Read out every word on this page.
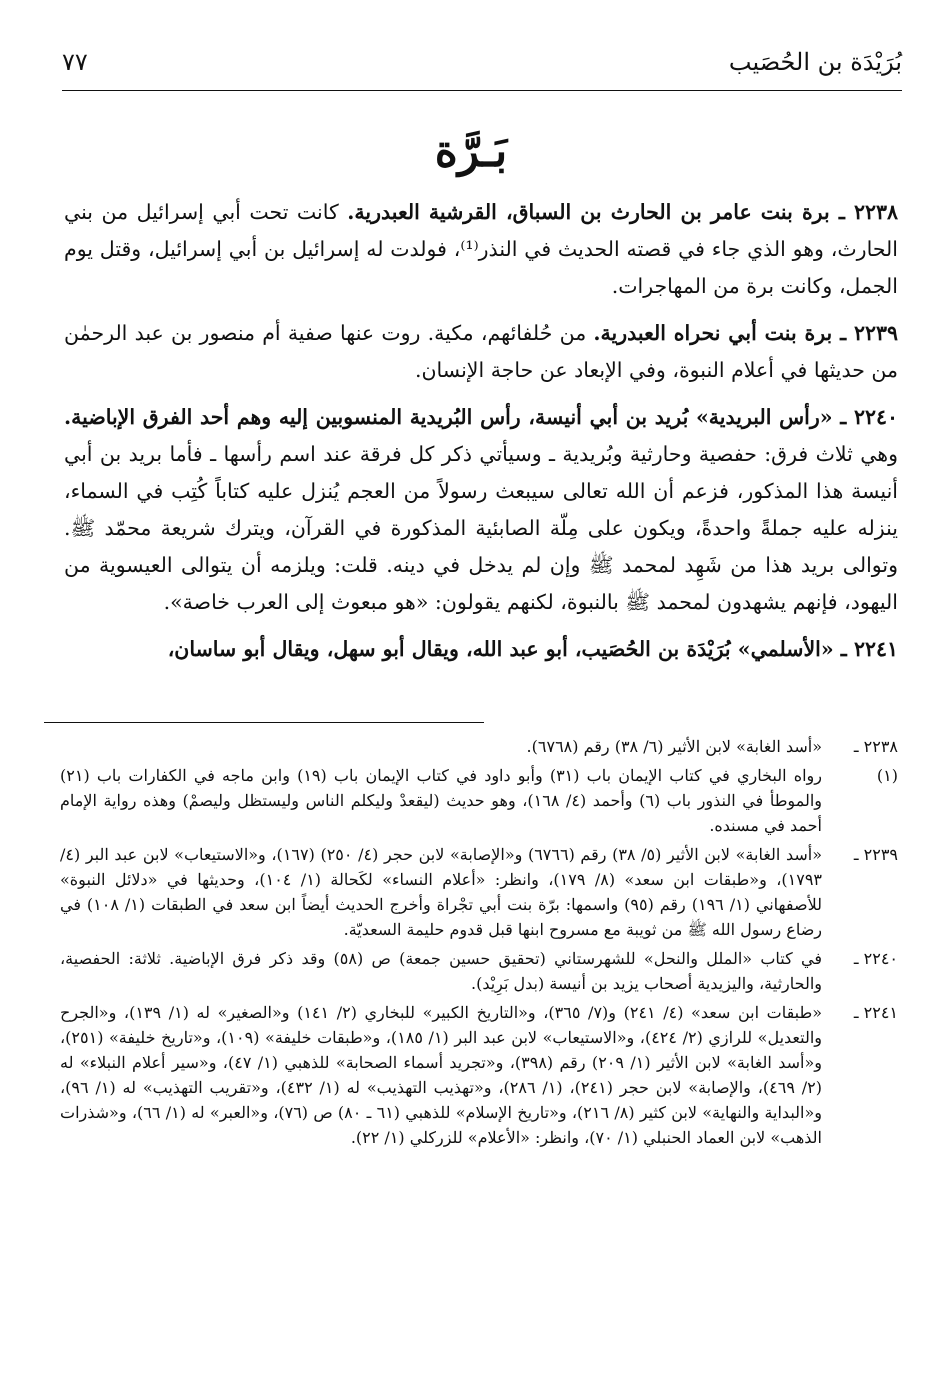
بُرَيْدَة بن الحُصَيب
٧٧
بَـرَّة

٢٢٣٨ ـ برة بنت عامر بن الحارث بن السباق، القرشية العبدرية. كانت تحت أبي إسرائيل من بني الحارث، وهو الذي جاء في قصته الحديث في النذر⁽¹⁾، فولدت له إسرائيل بن أبي إسرائيل، وقتل يوم الجمل، وكانت برة من المهاجرات.

٢٢٣٩ ـ برة بنت أبي نحراه العبدرية. من حُلفائهم، مكية. روت عنها صفية أم منصور بن عبد الرحمٰن من حديثها في أعلام النبوة، وفي الإبعاد عن حاجة الإنسان.

٢٢٤٠ ـ «رأس البريدية» بُريد بن أبي أنيسة، رأس البُريدية المنسوبين إليه وهم أحد الفرق الإباضية. وهي ثلاث فرق: حفصية وحارثية وبُريدية ـ وسيأتي ذكر كل فرقة عند اسم رأسها ـ فأما بريد بن أبي أنيسة هذا المذكور، فزعم أن الله تعالى سيبعث رسولاً من العجم يُنزل عليه كتاباً كُتِب في السماء، ينزله عليه جملةً واحدةً، ويكون على مِلّة الصابئية المذكورة في القرآن، ويترك شريعة محمّد ﷺ. وتوالى بريد هذا من شَهِد لمحمد ﷺ وإن لم يدخل في دينه. قلت: ويلزمه أن يتوالى العيسوية من اليهود، فإنهم يشهدون لمحمد ﷺ بالنبوة، لكنهم يقولون: «هو مبعوث إلى العرب خاصة».

٢٢٤١ ـ «الأسلمي» بُرَيْدَة بن الحُصَيب، أبو عبد الله، ويقال أبو سهل، ويقال أبو ساسان،

٢٢٣٨ ـ
«أسد الغابة» لابن الأثير (٦/ ٣٨) رقم (٦٧٦٨).
(١)
رواه البخاري في كتاب الإيمان باب (٣١) وأبو داود في كتاب الإيمان باب (١٩) وابن ماجه في الكفارات باب (٢١) والموطأ في النذور باب (٦) وأحمد (٤/ ١٦٨)، وهو حديث (ليقعدْ وليكلم الناس وليستظل وليصمْ) وهذه رواية الإمام أحمد في مسنده.
٢٢٣٩ ـ
«أسد الغابة» لابن الأثير (٥/ ٣٨) رقم (٦٧٦٦) و«الإصابة» لابن حجر (٤/ ٢٥٠) (١٦٧)، و«الاستيعاب» لابن عبد البر (٤/ ١٧٩٣)، و«طبقات ابن سعد» (٨/ ١٧٩)، وانظر: «أعلام النساء» لكَحالة (١/ ١٠٤)، وحديثها في «دلائل النبوة» للأصفهاني (١/ ١٩٦) رقم (٩٥) واسمها: برّة بنت أبي تجْراة وأخرج الحديث أيضاً ابن سعد في الطبقات (١/ ١٠٨) في رضاع رسول الله ﷺ من ثويبة مع مسروح ابنها قبل قدوم حليمة السعديّة.
٢٢٤٠ ـ
في كتاب «الملل والنحل» للشهرستاني (تحقيق حسين جمعة) ص (٥٨) وقد ذكر فرق الإباضية. ثلاثة: الحفصية، والحارثية، واليزيدية أصحاب يزيد بن أنيسة (بدل بَرِيْد).
٢٢٤١ ـ
«طبقات ابن سعد» (٤/ ٢٤١) و(٧/ ٣٦٥)، و«التاريخ الكبير» للبخاري (٢/ ١٤١) و«الصغير» له (١/ ١٣٩)، و«الجرح والتعديل» للرازي (٢/ ٤٢٤)، و«الاستيعاب» لابن عبد البر (١/ ١٨٥)، و«طبقات خليفة» (١٠٩)، و«تاريخ خليفة» (٢٥١)، و«أسد الغابة» لابن الأثير (١/ ٢٠٩) رقم (٣٩٨)، و«تجريد أسماء الصحابة» للذهبي (١/ ٤٧)، و«سير أعلام النبلاء» له (٢/ ٤٦٩)، والإصابة» لابن حجر (٢٤١)، (١/ ٢٨٦)، و«تهذيب التهذيب» له (١/ ٤٣٢)، و«تقريب التهذيب» له (١/ ٩٦)، و«البداية والنهاية» لابن كثير (٨/ ٢١٦)، و«تاريخ الإسلام» للذهبي (٦١ ـ ٨٠) ص (٧٦)، و«العبر» له (١/ ٦٦)، و«شذرات الذهب» لابن العماد الحنبلي (١/ ٧٠)، وانظر: «الأعلام» للزركلي (١/ ٢٢).
